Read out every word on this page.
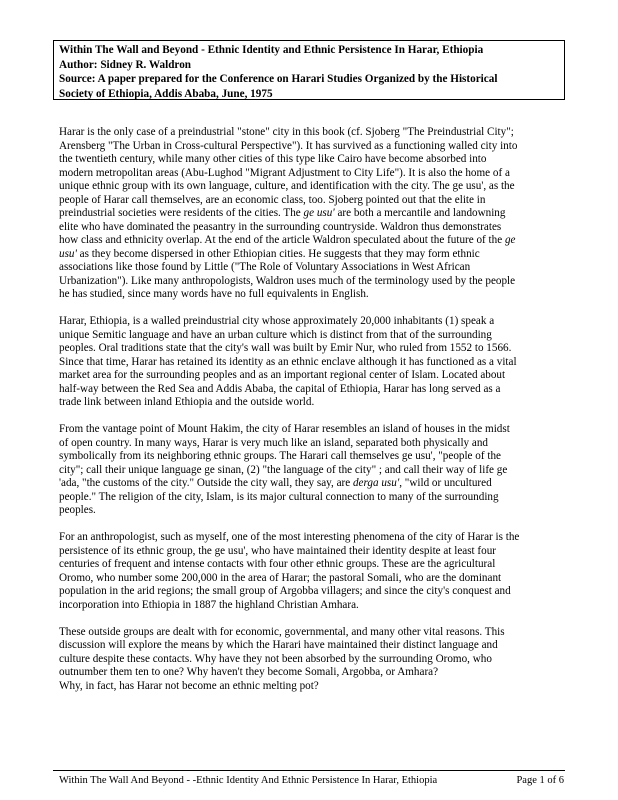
Within The Wall and Beyond - Ethnic Identity and Ethnic Persistence In Harar, Ethiopia
Author: Sidney R. Waldron
Source: A paper prepared for the Conference on Harari Studies Organized by the Historical
Society of Ethiopia, Addis Ababa, June, 1975
Harar is the only case of a preindustrial "stone" city in this book (cf. Sjoberg "The Preindustrial City";
Arensberg "The Urban in Cross-cultural Perspective"). It has survived as a functioning walled city into
the twentieth century, while many other cities of this type like Cairo have become absorbed into
modern metropolitan areas (Abu-Lughod "Migrant Adjustment to City Life"). It is also the home of a
unique ethnic group with its own language, culture, and identification with the city. The ge usu', as the
people of Harar call themselves, are an economic class, too. Sjoberg pointed out that the elite in
preindustrial societies were residents of the cities. The ge usu' are both a mercantile and landowning
elite who have dominated the peasantry in the surrounding countryside. Waldron thus demonstrates
how class and ethnicity overlap. At the end of the article Waldron speculated about the future of the ge
usu' as they become dispersed in other Ethiopian cities. He suggests that they may form ethnic
associations like those found by Little ("The Role of Voluntary Associations in West African
Urbanization"). Like many anthropologists, Waldron uses much of the terminology used by the people
he has studied, since many words have no full equivalents in English.
Harar, Ethiopia, is a walled preindustrial city whose approximately 20,000 inhabitants (1) speak a
unique Semitic language and have an urban culture which is distinct from that of the surrounding
peoples. Oral traditions state that the city's wall was built by Emir Nur, who ruled from 1552 to 1566.
Since that time, Harar has retained its identity as an ethnic enclave although it has functioned as a vital
market area for the surrounding peoples and as an important regional center of Islam. Located about
half-way between the Red Sea and Addis Ababa, the capital of Ethiopia, Harar has long served as a
trade link between inland Ethiopia and the outside world.
From the vantage point of Mount Hakim, the city of Harar resembles an island of houses in the midst
of open country. In many ways, Harar is very much like an island, separated both physically and
symbolically from its neighboring ethnic groups. The Harari call themselves ge usu', "people of the
city"; call their unique language ge sinan, (2) "the language of the city" ; and call their way of life ge
'ada, "the customs of the city." Outside the city wall, they say, are derga usu', "wild or uncultured
people." The religion of the city, Islam, is its major cultural connection to many of the surrounding
peoples.
For an anthropologist, such as myself, one of the most interesting phenomena of the city of Harar is the
persistence of its ethnic group, the ge usu', who have maintained their identity despite at least four
centuries of frequent and intense contacts with four other ethnic groups. These are the agricultural
Oromo, who number some 200,000 in the area of Harar; the pastoral Somali, who are the dominant
population in the arid regions; the small group of Argobba villagers; and since the city's conquest and
incorporation into Ethiopia in 1887 the highland Christian Amhara.
These outside groups are dealt with for economic, governmental, and many other vital reasons. This
discussion will explore the means by which the Harari have maintained their distinct language and
culture despite these contacts. Why have they not been absorbed by the surrounding Oromo, who
outnumber them ten to one? Why haven't they become Somali, Argobba, or Amhara?
Why, in fact, has Harar not become an ethnic melting pot?
Within The Wall And Beyond - -Ethnic Identity And Ethnic Persistence In Harar, Ethiopia	Page 1 of 6
